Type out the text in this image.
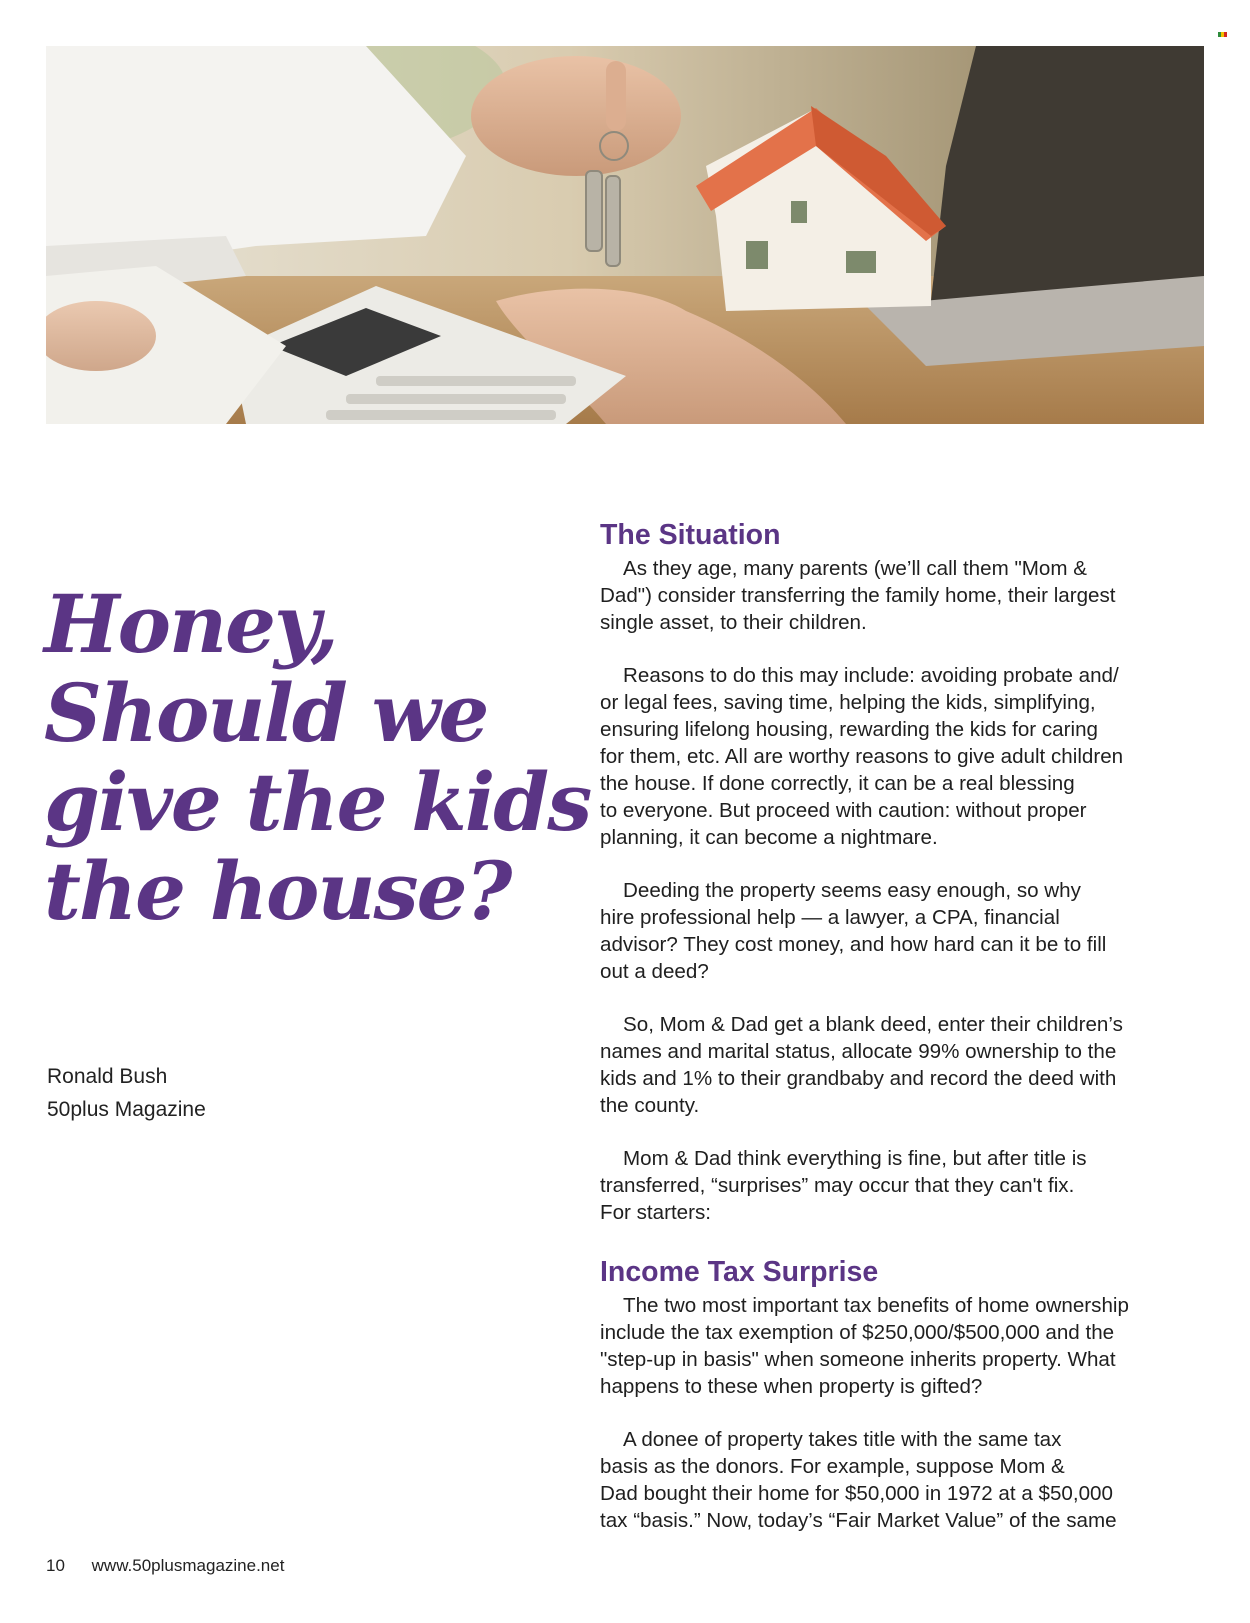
Honey,
Should we
give the kids
the house?
Ronald Bush
50plus Magazine
The Situation

As they age, many parents (we’ll call them "Mom &
Dad") consider transferring the family home, their largest
single asset, to their children.

Reasons to do this may include: avoiding probate and/
or legal fees, saving time, helping the kids, simplifying,
ensuring lifelong housing, rewarding the kids for caring
for them, etc. All are worthy reasons to give adult children
the house. If done correctly, it can be a real blessing
to everyone. But proceed with caution: without proper
planning, it can become a nightmare.

Deeding the property seems easy enough, so why
hire professional help — a lawyer, a CPA, financial
advisor? They cost money, and how hard can it be to fill
out a deed?

So, Mom & Dad get a blank deed, enter their children’s
names and marital status, allocate 99% ownership to the
kids and 1% to their grandbaby and record the deed with
the county.

Mom & Dad think everything is fine, but after title is
transferred, “surprises” may occur that they can't fix.
For starters:

Income Tax Surprise

The two most important tax benefits of home ownership
include the tax exemption of $250,000/$500,000 and the
"step-up in basis" when someone inherits property. What
happens to these when property is gifted?

A donee of property takes title with the same tax
basis as the donors. For example, suppose Mom &
Dad bought their home for $50,000 in 1972 at a $50,000
tax “basis.” Now, today’s “Fair Market Value” of the same

10 www.50plusmagazine.net
